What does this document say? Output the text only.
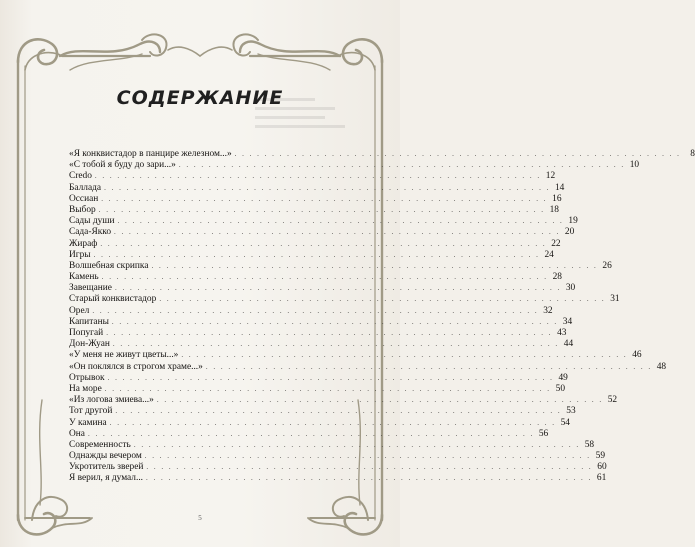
СОДЕРЖАНИЕ
«Я конквистадор в панцире железном...» . . . . . . . . . . . . . . . . . . . . . . . . . . . . . . . . . . . . . . . . . . . . . . . . . . . . . . . . . . . . 8
«С тобой я буду до зари...» . . . . . . . . . . . . . . . . . . . . . . . . . . . . . . . . . . . . . . . . . . . . . . . . . . . . . . . . . . . . 10
Credo . . . . . . . . . . . . . . . . . . . . . . . . . . . . . . . . . . . . . . . . . . . . . . . . . . . . . . . . . . . . 12
Баллада . . . . . . . . . . . . . . . . . . . . . . . . . . . . . . . . . . . . . . . . . . . . . . . . . . . . . . . . . . . . 14
Оссиан . . . . . . . . . . . . . . . . . . . . . . . . . . . . . . . . . . . . . . . . . . . . . . . . . . . . . . . . . . . . 16
Выбор . . . . . . . . . . . . . . . . . . . . . . . . . . . . . . . . . . . . . . . . . . . . . . . . . . . . . . . . . . . . 18
Сады души . . . . . . . . . . . . . . . . . . . . . . . . . . . . . . . . . . . . . . . . . . . . . . . . . . . . . . . . . . . . 19
Сада-Якко . . . . . . . . . . . . . . . . . . . . . . . . . . . . . . . . . . . . . . . . . . . . . . . . . . . . . . . . . . . . 20
Жираф . . . . . . . . . . . . . . . . . . . . . . . . . . . . . . . . . . . . . . . . . . . . . . . . . . . . . . . . . . . . 22
Игры . . . . . . . . . . . . . . . . . . . . . . . . . . . . . . . . . . . . . . . . . . . . . . . . . . . . . . . . . . . . 24
Волшебная скрипка . . . . . . . . . . . . . . . . . . . . . . . . . . . . . . . . . . . . . . . . . . . . . . . . . . . . . . . . . . . . 26
Камень . . . . . . . . . . . . . . . . . . . . . . . . . . . . . . . . . . . . . . . . . . . . . . . . . . . . . . . . . . . . 28
Завещание . . . . . . . . . . . . . . . . . . . . . . . . . . . . . . . . . . . . . . . . . . . . . . . . . . . . . . . . . . . . 30
Старый конквистадор . . . . . . . . . . . . . . . . . . . . . . . . . . . . . . . . . . . . . . . . . . . . . . . . . . . . . . . . . . . . 31
Орел . . . . . . . . . . . . . . . . . . . . . . . . . . . . . . . . . . . . . . . . . . . . . . . . . . . . . . . . . . . . 32
Капитаны . . . . . . . . . . . . . . . . . . . . . . . . . . . . . . . . . . . . . . . . . . . . . . . . . . . . . . . . . . . . 34
Попугай . . . . . . . . . . . . . . . . . . . . . . . . . . . . . . . . . . . . . . . . . . . . . . . . . . . . . . . . . . . . 43
Дон-Жуан . . . . . . . . . . . . . . . . . . . . . . . . . . . . . . . . . . . . . . . . . . . . . . . . . . . . . . . . . . . . 44
«У меня не живут цветы...» . . . . . . . . . . . . . . . . . . . . . . . . . . . . . . . . . . . . . . . . . . . . . . . . . . . . . . . . . . . . 46
«Он поклялся в строгом храме...» . . . . . . . . . . . . . . . . . . . . . . . . . . . . . . . . . . . . . . . . . . . . . . . . . . . . . . . . . . . . 48
Отрывок . . . . . . . . . . . . . . . . . . . . . . . . . . . . . . . . . . . . . . . . . . . . . . . . . . . . . . . . . . . . 49
На море . . . . . . . . . . . . . . . . . . . . . . . . . . . . . . . . . . . . . . . . . . . . . . . . . . . . . . . . . . . . 50
«Из логова змиева...» . . . . . . . . . . . . . . . . . . . . . . . . . . . . . . . . . . . . . . . . . . . . . . . . . . . . . . . . . . . . 52
Тот другой . . . . . . . . . . . . . . . . . . . . . . . . . . . . . . . . . . . . . . . . . . . . . . . . . . . . . . . . . . . . 53
У камина . . . . . . . . . . . . . . . . . . . . . . . . . . . . . . . . . . . . . . . . . . . . . . . . . . . . . . . . . . . . 54
Она . . . . . . . . . . . . . . . . . . . . . . . . . . . . . . . . . . . . . . . . . . . . . . . . . . . . . . . . . . . . 56
Современность . . . . . . . . . . . . . . . . . . . . . . . . . . . . . . . . . . . . . . . . . . . . . . . . . . . . . . . . . . . . 58
Однажды вечером . . . . . . . . . . . . . . . . . . . . . . . . . . . . . . . . . . . . . . . . . . . . . . . . . . . . . . . . . . . . 59
Укротитель зверей . . . . . . . . . . . . . . . . . . . . . . . . . . . . . . . . . . . . . . . . . . . . . . . . . . . . . . . . . . . . 60
Я верил, я думал... . . . . . . . . . . . . . . . . . . . . . . . . . . . . . . . . . . . . . . . . . . . . . . . . . . . . . . . . . . . . 61
5
